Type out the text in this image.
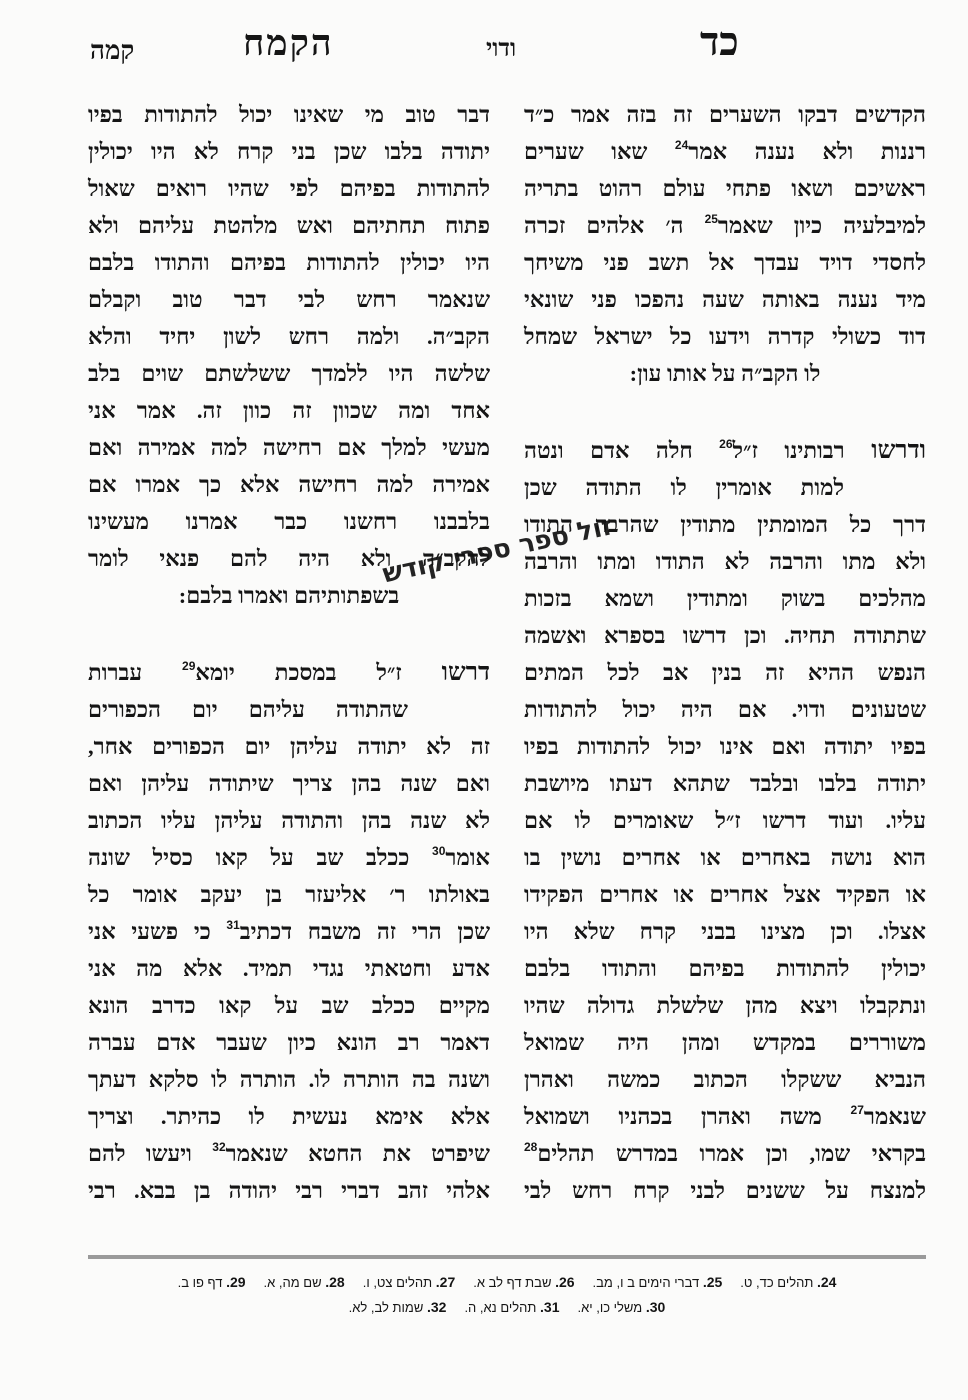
כד
ודוי
הקמח
קמה
הקדשים דבקו השערים זה בזה אמר כ״ד
רננות ולא נענה אמר$^{24}$ שאו שערים
ראשיכם ושאו פתחי עולם רהוט בתריה
למיבלעיה כיון שאמר$^{25}$ ה׳ אלהים זכרה
לחסדי דויד עבדך אל תשב פני משיחך
מיד נענה באותה שעה נהפכו פני שונאי
דוד כשולי קדרה וידעו כל ישראל שמחל
לו הקב״ה על אותו עון:
ודרשו רבותינו ז״ל$^{26}$ חלה אדם ונטה
למות אומרין לו התודה שכן
דרך כל המומתין מתודין שהרבה התודו
ולא מתו והרבה לא התודו ומתו והרבה
מהלכים בשוק ומתודין ושמא בזכות
שתתודה תחיה. וכן דרשו בספרא ואשמה
הנפש ההיא זה בנין אב לכל המתים
שטעונים ודוי. אם היה יכול להתודות
בפיו יתודה ואם אינו יכול להתודות בפיו
יתודה בלבו ובלבד שתהא דעתו מיושבת
עליו. ועוד דרשו ז״ל שאומרים לו אם
הוא נושה באחרים או אחרים נושין בו
או הפקיד אצל אחרים או אחרים הפקידו
אצלו. וכן מצינו בבני קרח שלא היו
יכולין להתודות בפיהם והתודו בלבם
ונתקבלו ויצא מהן שלשלת גדולה שהיו
משוררים במקדש ומהן היה שמואל
הנביא ששקלו הכתוב כמשה ואהרן
שנאמר$^{27}$ משה ואהרן בכהניו ושמואל
בקראי שמו, וכן אמרו במדרש תהלים$^{28}$
למנצח על ששנים לבני קרח רחש לבי
דבר טוב מי שאינו יכול להתודות בפיו
יתודה בלבו שכן בני קרח לא היו יכולין
להתודות בפיהם לפי שהיו רואים שאול
פתוח תחתיהם ואש מלהטת עליהם ולא
היו יכולין להתודות בפיהם והתודו בלבם
שנאמר רחש לבי דבר טוב וקבלם
הקב״ה. ולמה רחש לשון יחיד והלא
שלשה היו ללמדך ששלשתם שוים בלב
אחד ומה שכוון זה כוון זה. אמר אני
מעשי למלך אם רחישה למה אמירה ואם
אמירה למה רחישה אלא כך אמרו אם
בלבבנו רחשנו כבר אמרנו מעשינו
להקב״ה ולא היה להם פנאי לומר
בשפתותיהם ואמרו בלבם:
דרשו ז״ל במסכת יומא$^{29}$ עברות
שהתודה עליהם יום הכפורים
זה לא יתודה עליהן יום הכפורים אחר,
ואם שנה בהן צריך שיתודה עליהן ואם
לא שנה בהן והתודה עליהן עליו הכתוב
אומר$^{30}$ ככלב שב על קאו כסיל שונה
באולתו ר׳ אליעזר בן יעקב אומר כל
שכן הרי זה משבח דכתיב$^{31}$ כי פשעי אני
אדע וחטאתי נגדי תמיד. אלא מה אני
מקיים ככלב שב על קאו כדרב הונא
דאמר רב הונא כיון שעבר אדם עברה
ושנה בה הותרה לו. הותרה לו סלקא דעתך
אלא אימא נעשית לו כהיתר. וצריך
שיפרט את החטא שנאמר$^{32}$ ויעשו להם
אלהי זהב דברי רבי יהודה בן בבא. רבי
24. תהלים כד, ט.25. דברי הימים ב ו, מב.26. שבת דף לב א.27. תהלים צט, ו.28. שם מה, א.29. דף פו ב.
30. משלי כו, יא.31. תהלים נא, ה.32. שמות לב, לא.
זול ספר ספרי קודש
